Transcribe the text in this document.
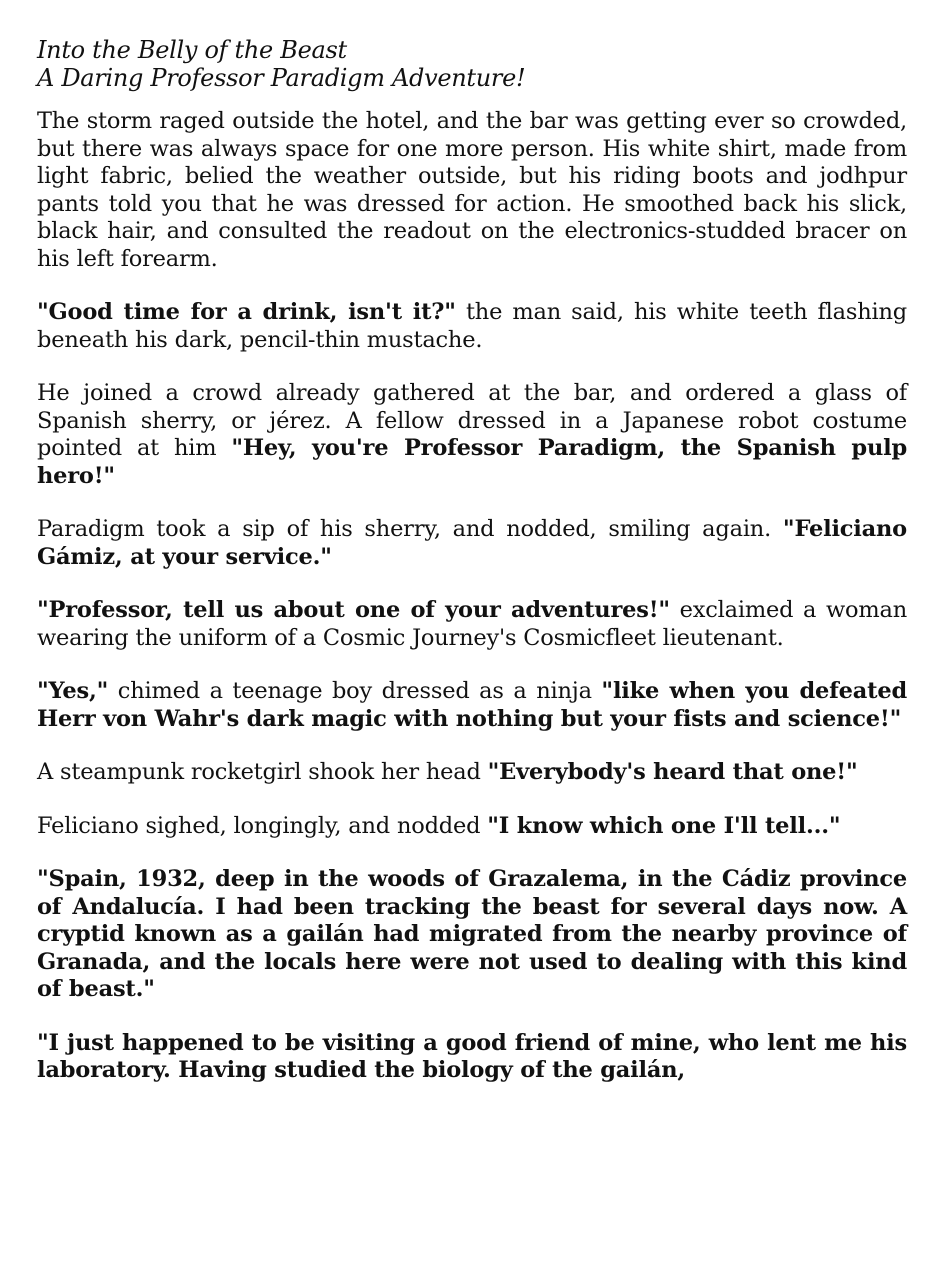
Into the Belly of the Beast
A Daring Professor Paradigm Adventure!

The storm raged outside the hotel, and the bar was getting ever so crowded, but there was always space for one more person. His white shirt, made from light fabric, belied the weather outside, but his riding boots and jodhpur pants told you that he was dressed for action. He smoothed back his slick, black hair, and consulted the readout on the electronics-studded bracer on his left forearm.

"Good time for a drink, isn't it?" the man said, his white teeth flashing beneath his dark, pencil-thin mustache.

He joined a crowd already gathered at the bar, and ordered a glass of Spanish sherry, or jérez. A fellow dressed in a Japanese robot costume pointed at him "Hey, you're Professor Paradigm, the Spanish pulp hero!"

Paradigm took a sip of his sherry, and nodded, smiling again. "Feliciano Gámiz, at your service."

"Professor, tell us about one of your adventures!" exclaimed a woman wearing the uniform of a Cosmic Journey's Cosmicfleet lieutenant.

"Yes," chimed a teenage boy dressed as a ninja "like when you defeated Herr von Wahr's dark magic with nothing but your fists and science!"

A steampunk rocketgirl shook her head "Everybody's heard that one!"

Feliciano sighed, longingly, and nodded "I know which one I'll tell..."

"Spain, 1932, deep in the woods of Grazalema, in the Cádiz province of Andalucía. I had been tracking the beast for several days now. A cryptid known as a gailán had migrated from the nearby province of Granada, and the locals here were not used to dealing with this kind of beast."

"I just happened to be visiting a good friend of mine, who lent me his laboratory. Having studied the biology of the gailán,
